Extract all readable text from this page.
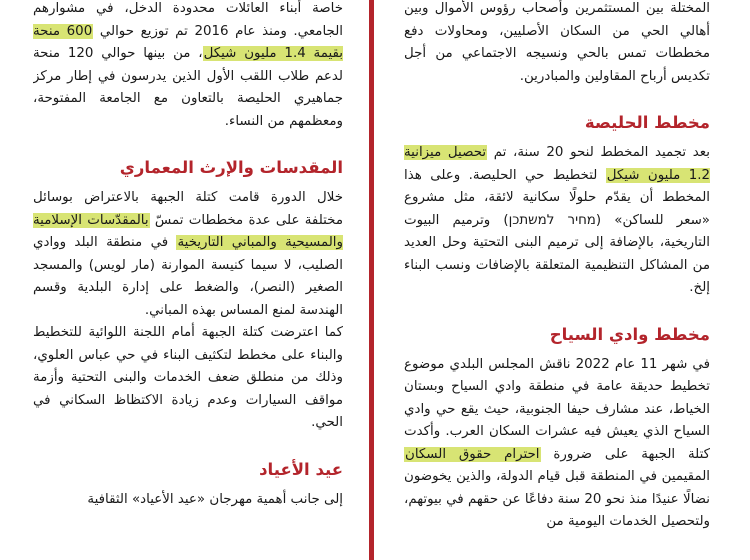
المختلة بين المستثمرين وأصحاب رؤوس الأموال وبين أهالي الحي من السكان الأصليين، ومحاولات دفع مخططات تمس بالحي ونسيجه الاجتماعي من أجل تكديس أرباح المقاولين والمبادرين.

مخطط الحليصة

بعد تجميد المخطط لنحو 20 سنة، تم تحصيل ميزانية 1.2 مليون شيكل لتخطيط حي الحليصة. وعلى هذا المخطط أن يقدّم حلولًا سكانية لائقة، مثل مشروع «سعر للساكن» (מחיר למשתכן) وترميم البيوت التاريخية، بالإضافة إلى ترميم البنى التحتية وحل العديد من المشاكل التنظيمية المتعلقة بالإضافات ونسب البناء إلخ.

مخطط وادي السياح

في شهر 11 عام 2022 ناقش المجلس البلدي موضوع تخطيط حديقة عامة في منطقة وادي السياح وبستان الخياط، عند مشارف حيفا الجنوبية، حيث يقع حي وادي السياح الذي يعيش فيه عشرات السكان العرب. وأكدت كتلة الجبهة على ضرورة احترام حقوق السكان المقيمين في المنطقة قبل قيام الدولة، والذين يخوضون نضالًا عنيدًا منذ نحو 20 سنة دفاعًا عن حقهم في بيوتهم، ولتحصيل الخدمات اليومية من

خاصة أبناء العائلات محدودة الدخل، في مشوارهم الجامعي. ومنذ عام 2016 تم توزيع حوالي 600 منحة بقيمة 1.4 مليون شيكل، من بينها حوالي 120 منحة لدعم طلاب اللقب الأول الذين يدرسون في إطار مركز جماهيري الحليصة بالتعاون مع الجامعة المفتوحة، ومعظمهم من النساء.

المقدسات والإرث المعماري

خلال الدورة قامت كتلة الجبهة بالاعتراض بوسائل مختلفة على عدة مخططات تمسّ بالمقدّسات الإسلامية والمسيحية والمباني التاريخية في منطقة البلد ووادي الصليب، لا سيما كنيسة الموارنة (مار لويس) والمسجد الصغير (النصر)، والضغط على إدارة البلدية وقسم الهندسة لمنع المساس بهذه المباني.

كما اعترضت كتلة الجبهة أمام اللجنة اللوائية للتخطيط والبناء على مخطط لتكثيف البناء في حي عباس العلوي، وذلك من منطلق ضعف الخدمات والبنى التحتية وأزمة مواقف السيارات وعدم زيادة الاكتظاظ السكاني في الحي.

عيد الأعياد

إلى جانب أهمية مهرجان «عيد الأعياد» الثقافية
